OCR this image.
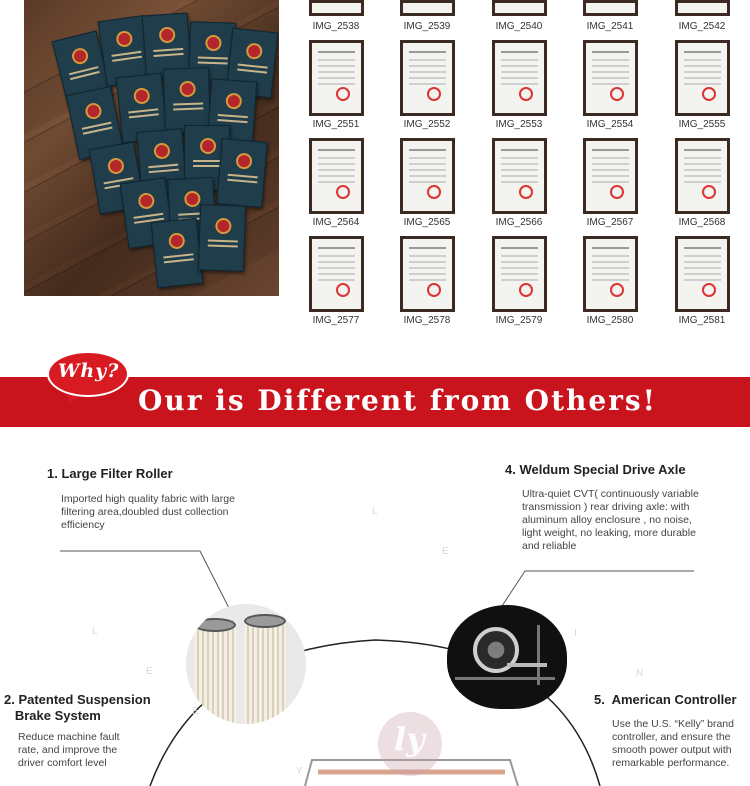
IMG_2538	IMG_2539	IMG_2540	IMG_2541	IMG_2542
IMG_2551	IMG_2552	IMG_2553	IMG_2554	IMG_2555
IMG_2564	IMG_2565	IMG_2566	IMG_2567	IMG_2568
IMG_2577	IMG_2578	IMG_2579	IMG_2580	IMG_2581
Why?
Our is Different from Others!
ly
L
E
I
N
L
E
E
Y
1. Large Filter Roller
Imported high quality fabric with large filtering area,doubled dust collection efficiency
4. Weldum Special Drive Axle
Ultra-quiet CVT( continuously variable transmission ) rear driving axle: with aluminum alloy enclosure , no noise, light weight, no leaking, more durable and reliable
2. Patented Suspension
Brake System
Reduce machine fault rate, and improve the driver comfort level
5.  American Controller
Use the U.S. “Kelly” brand controller, and ensure the smooth power output with remarkable performance.
